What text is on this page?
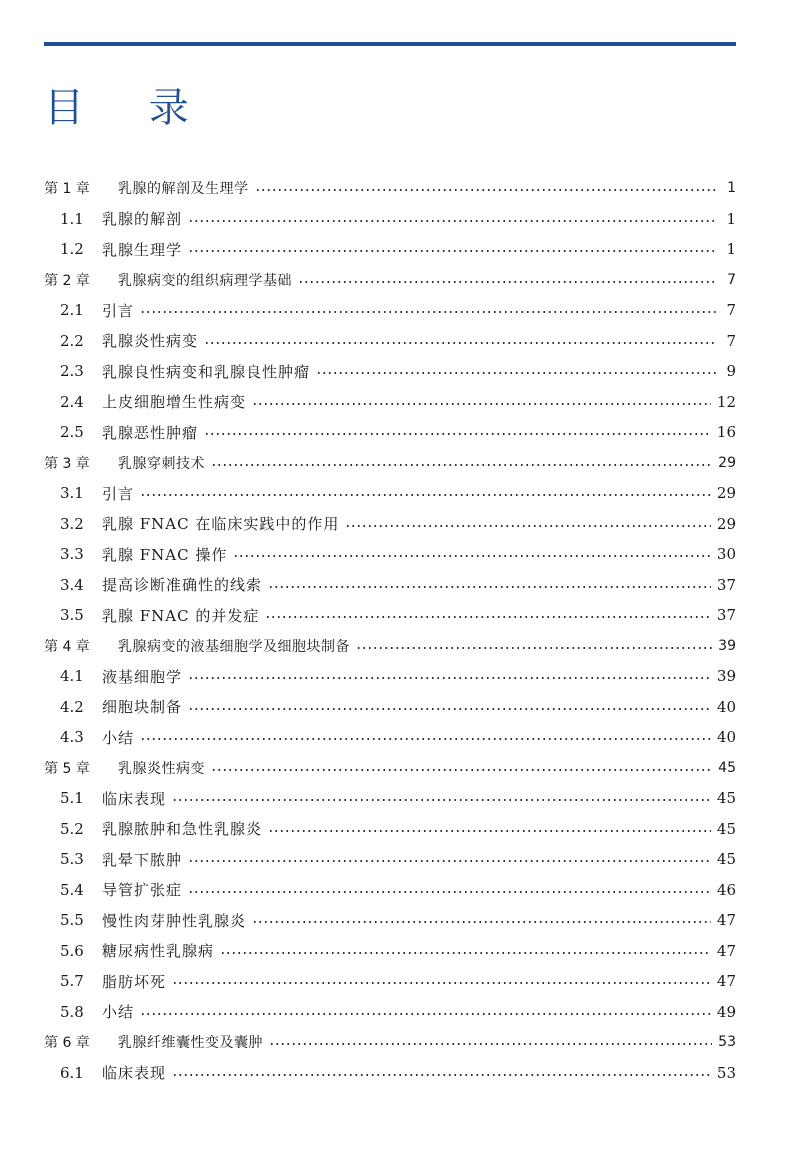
目 录
第 1 章	乳腺的解剖及生理学	1
1.1	乳腺的解剖	1
1.2	乳腺生理学	1
第 2 章	乳腺病变的组织病理学基础	7
2.1	引言	7
2.2	乳腺炎性病变	7
2.3	乳腺良性病变和乳腺良性肿瘤	9
2.4	上皮细胞增生性病变	12
2.5	乳腺恶性肿瘤	16
第 3 章	乳腺穿刺技术	29
3.1	引言	29
3.2	乳腺 FNAC 在临床实践中的作用	29
3.3	乳腺 FNAC 操作	30
3.4	提高诊断准确性的线索	37
3.5	乳腺 FNAC 的并发症	37
第 4 章	乳腺病变的液基细胞学及细胞块制备	39
4.1	液基细胞学	39
4.2	细胞块制备	40
4.3	小结	40
第 5 章	乳腺炎性病变	45
5.1	临床表现	45
5.2	乳腺脓肿和急性乳腺炎	45
5.3	乳晕下脓肿	45
5.4	导管扩张症	46
5.5	慢性肉芽肿性乳腺炎	47
5.6	糖尿病性乳腺病	47
5.7	脂肪坏死	47
5.8	小结	49
第 6 章	乳腺纤维囊性变及囊肿	53
6.1	临床表现	53
